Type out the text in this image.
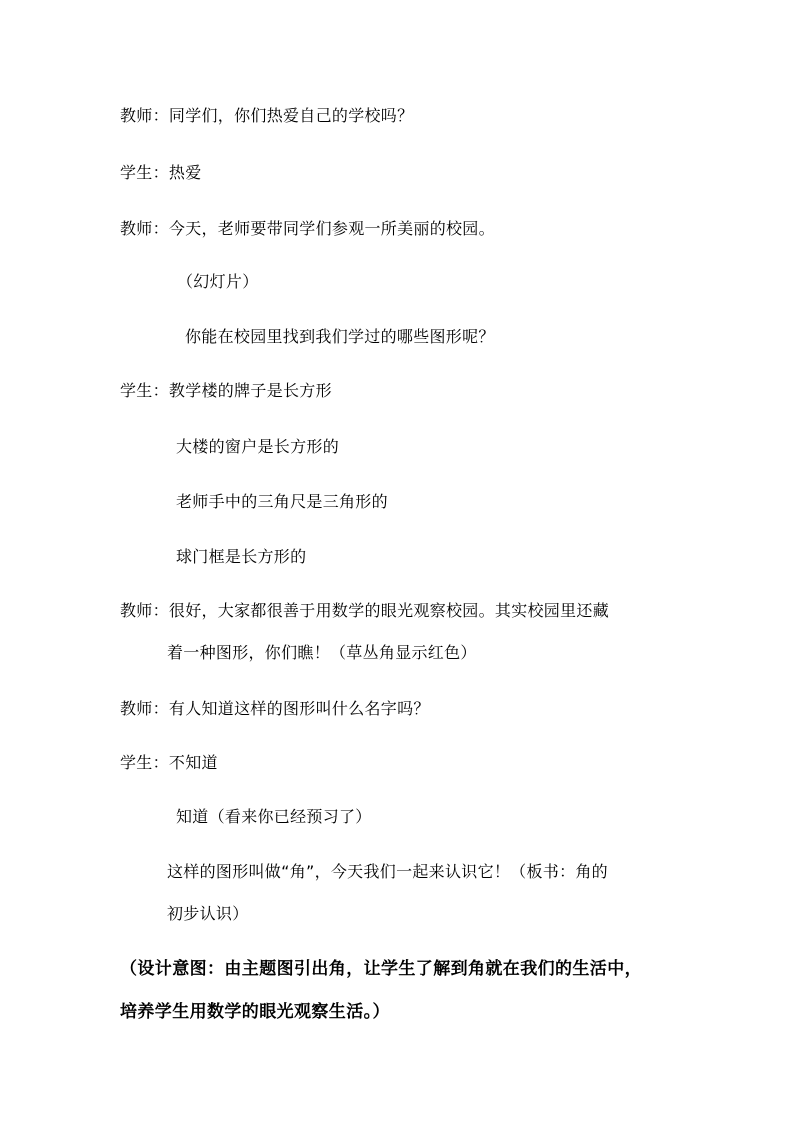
教师：同学们，你们热爱自己的学校吗？
学生：热爱
教师：今天，老师要带同学们参观一所美丽的校园。
（幻灯片）
你能在校园里找到我们学过的哪些图形呢？
学生：教学楼的牌子是长方形
大楼的窗户是长方形的
老师手中的三角尺是三角形的
球门框是长方形的
教师：很好，大家都很善于用数学的眼光观察校园。其实校园里还藏
着一种图形，你们瞧！（草丛角显示红色）
教师：有人知道这样的图形叫什么名字吗？
学生：不知道
知道（看来你已经预习了）
这样的图形叫做“角”，今天我们一起来认识它！（板书：角的
初步认识）
（设计意图：由主题图引出角，让学生了解到角就在我们的生活中，
培养学生用数学的眼光观察生活。）
